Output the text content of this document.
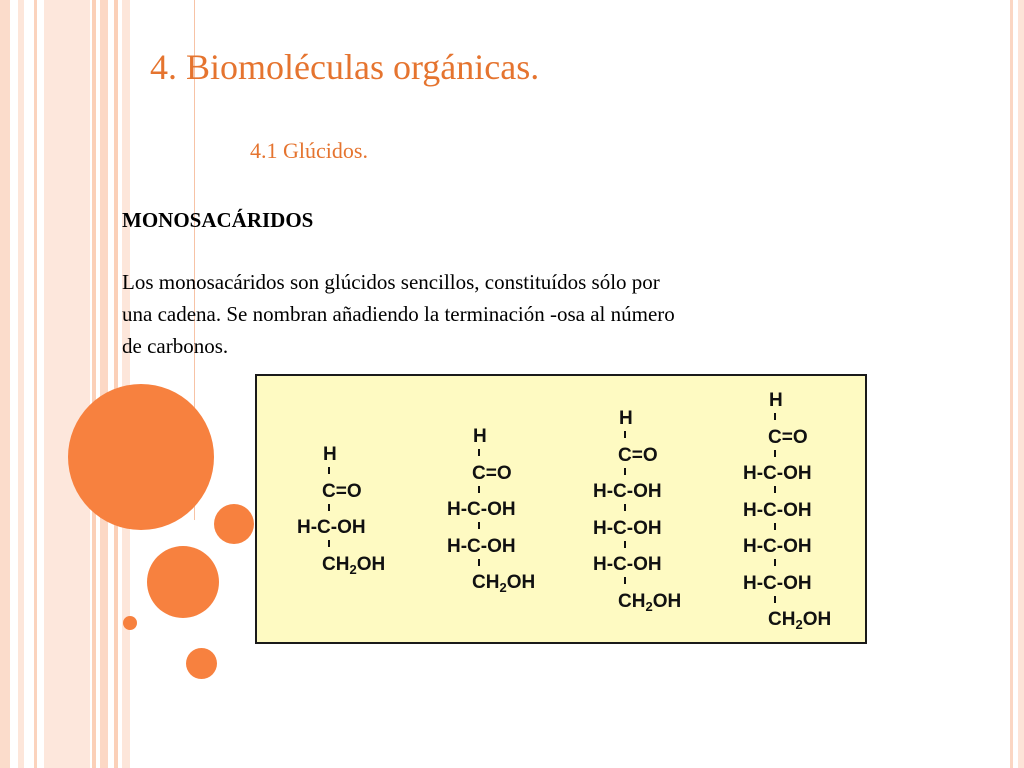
4. Biomoléculas orgánicas.
4.1 Glúcidos.
MONOSACÁRIDOS
Los monosacáridos son glúcidos sencillos, constituídos sólo por
una cadena. Se nombran añadiendo la terminación -osa al número
de carbonos.
H
C=O
H-C-OH
$CH_2OH$
H
C=O
H-C-OH
H-C-OH
$CH_2OH$
H
C=O
H-C-OH
H-C-OH
H-C-OH
$CH_2OH$
H
C=O
H-C-OH
H-C-OH
H-C-OH
H-C-OH
$CH_2OH$
